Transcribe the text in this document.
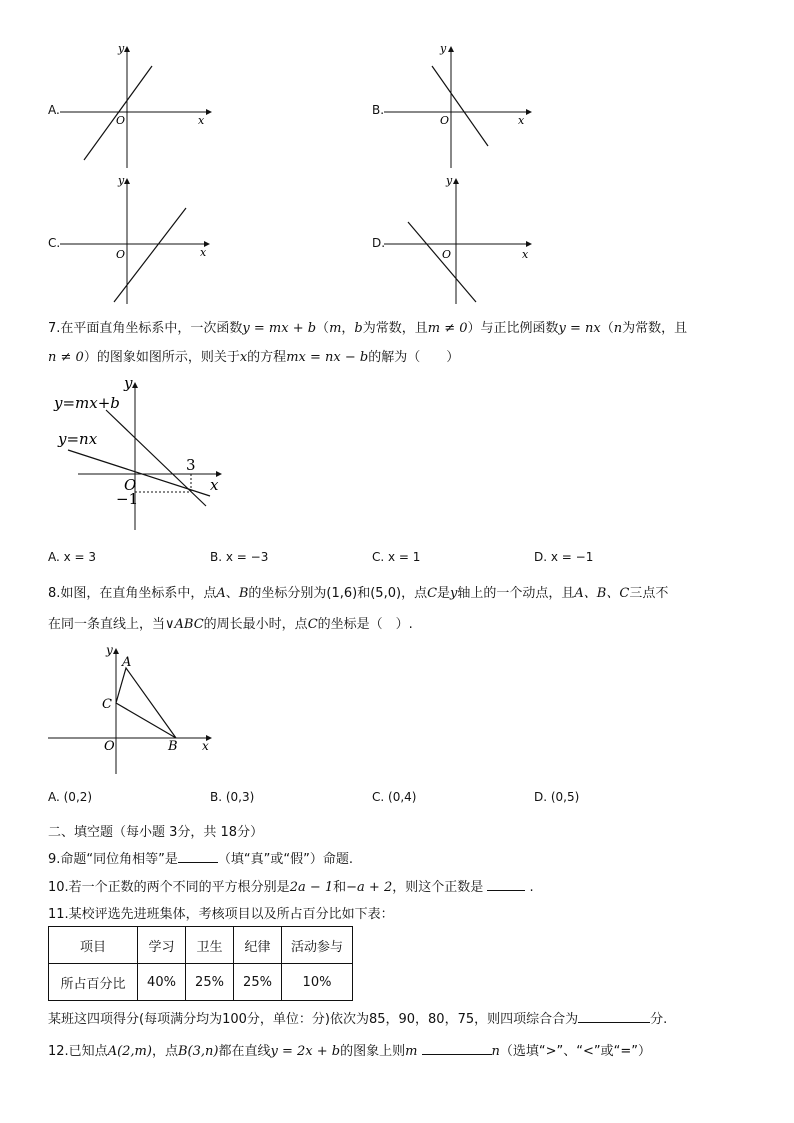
A.
y
x
O
B.
y
x
O
C.
y
x
O
D.
y
x
O
7.在平面直角坐标系中，一次函数y = mx + b（m，b为常数，且m ≠ 0）与正比例函数y = nx（n为常数，且
n ≠ 0）的图象如图所示，则关于x的方程mx = nx − b的解为（　　）
y=mx+b
y=nx
3
−1
O	x
y
A. x = 3	B. x = −3	C. x = 1	D. x = −1
8.如图，在直角坐标系中，点A、B的坐标分别为(1,6)和(5,0)，点C是y轴上的一个动点，且A、B、C三点不
在同一条直线上，当∨ABC的周长最小时，点C的坐标是（　）.
A
B
C
O	x
y
A. (0,2)	B. (0,3)	C. (0,4)	D. (0,5)
二、填空题（每小题 3分，共 18分）
9.命题“同位角相等”是	（填“真”或“假”）命题.
10.若一个正数的两个不同的平方根分别是2a − 1和−a + 2，则这个正数是	.
11.某校评选先进班集体，考核项目以及所占百分比如下表：
项目	学习	卫生	纪律	活动参与
所占百分比	40%	25%	25%	10%
某班这四项得分(每项满分均为100分，单位：分)依次为85，90，80，75，则四项综合合为	分.
12.已知点A(2,m)，点B(3,n)都在直线y = 2x + b的图象上则m	n（选填“>”、“<”或“=”）
